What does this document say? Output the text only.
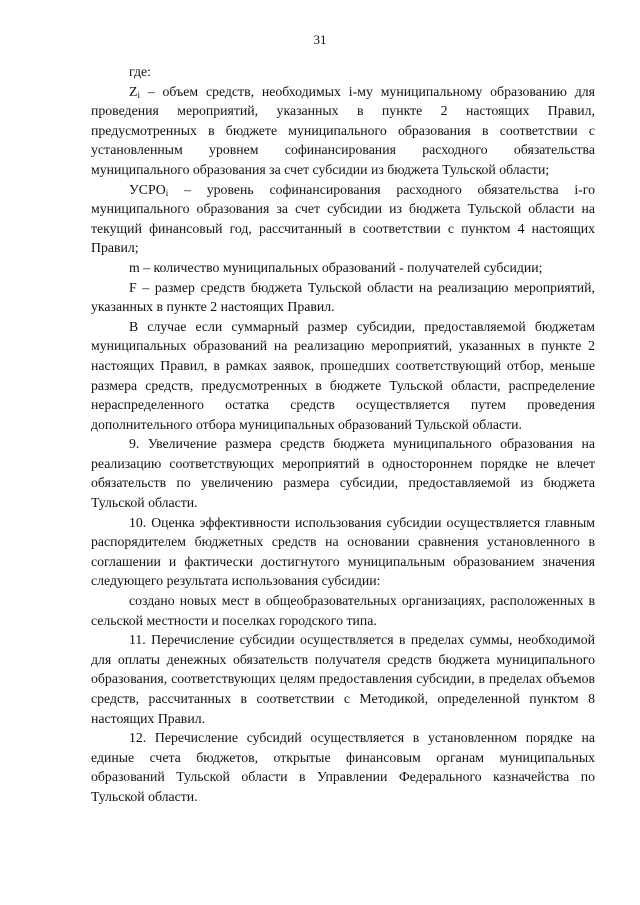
31

где:

$Z_i$ – объем средств, необходимых i-му муниципальному образованию для проведения мероприятий, указанных в пункте 2 настоящих Правил, предусмотренных в бюджете муниципального образования в соответствии с установленным уровнем софинансирования расходного обязательства муниципального образования за счет субсидии из бюджета Тульской области;

$УСРО_i$ – уровень софинансирования расходного обязательства i-го муниципального образования за счет субсидии из бюджета Тульской области на текущий финансовый год, рассчитанный в соответствии с пунктом 4 настоящих Правил;

m – количество муниципальных образований - получателей субсидии;

F – размер средств бюджета Тульской области на реализацию мероприятий, указанных в пункте 2 настоящих Правил.

В случае если суммарный размер субсидии, предоставляемой бюджетам муниципальных образований на реализацию мероприятий, указанных в пункте 2 настоящих Правил, в рамках заявок, прошедших соответствующий отбор, меньше размера средств, предусмотренных в бюджете Тульской области, распределение нераспределенного остатка средств осуществляется путем проведения дополнительного отбора муниципальных образований Тульской области.

9. Увеличение размера средств бюджета муниципального образования на реализацию соответствующих мероприятий в одностороннем порядке не влечет обязательств по увеличению размера субсидии, предоставляемой из бюджета Тульской области.

10. Оценка эффективности использования субсидии осуществляется главным распорядителем бюджетных средств на основании сравнения установленного в соглашении и фактически достигнутого муниципальным образованием значения следующего результата использования субсидии:

создано новых мест в общеобразовательных организациях, расположенных в сельской местности и поселках городского типа.

11. Перечисление субсидии осуществляется в пределах суммы, необходимой для оплаты денежных обязательств получателя средств бюджета муниципального образования, соответствующих целям предоставления субсидии, в пределах объемов средств, рассчитанных в соответствии с Методикой, определенной пунктом 8 настоящих Правил.

12. Перечисление субсидий осуществляется в установленном порядке на единые счета бюджетов, открытые финансовым органам муниципальных образований Тульской области в Управлении Федерального казначейства по Тульской области.
